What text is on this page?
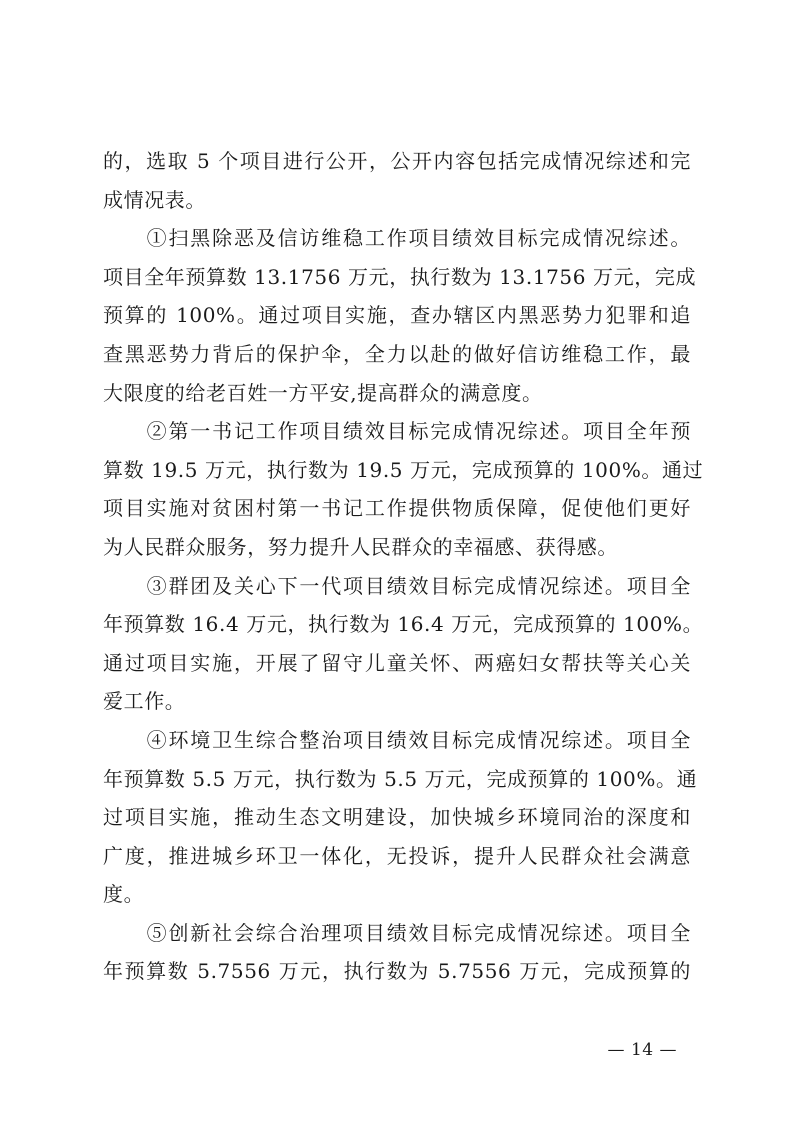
的，选取 5 个项目进行公开，公开内容包括完成情况综述和完
成情况表。
　　①扫黑除恶及信访维稳工作项目绩效目标完成情况综述。
项目全年预算数 13.1756 万元，执行数为 13.1756 万元，完成
预算的 100%。通过项目实施，查办辖区内黑恶势力犯罪和追
查黑恶势力背后的保护伞，全力以赴的做好信访维稳工作，最
大限度的给老百姓一方平安,提高群众的满意度。
　　②第一书记工作项目绩效目标完成情况综述。项目全年预
算数 19.5 万元，执行数为 19.5 万元，完成预算的 100%。通过
项目实施对贫困村第一书记工作提供物质保障，促使他们更好
为人民群众服务，努力提升人民群众的幸福感、获得感。
　　③群团及关心下一代项目绩效目标完成情况综述。项目全
年预算数 16.4 万元，执行数为 16.4 万元，完成预算的 100%。
通过项目实施，开展了留守儿童关怀、两癌妇女帮扶等关心关
爱工作。
　　④环境卫生综合整治项目绩效目标完成情况综述。项目全
年预算数 5.5 万元，执行数为 5.5 万元，完成预算的 100%。通
过项目实施，推动生态文明建设，加快城乡环境同治的深度和
广度，推进城乡环卫一体化，无投诉，提升人民群众社会满意
度。
　　⑤创新社会综合治理项目绩效目标完成情况综述。项目全
年预算数 5.7556 万元，执行数为 5.7556 万元，完成预算的
— 14 —
